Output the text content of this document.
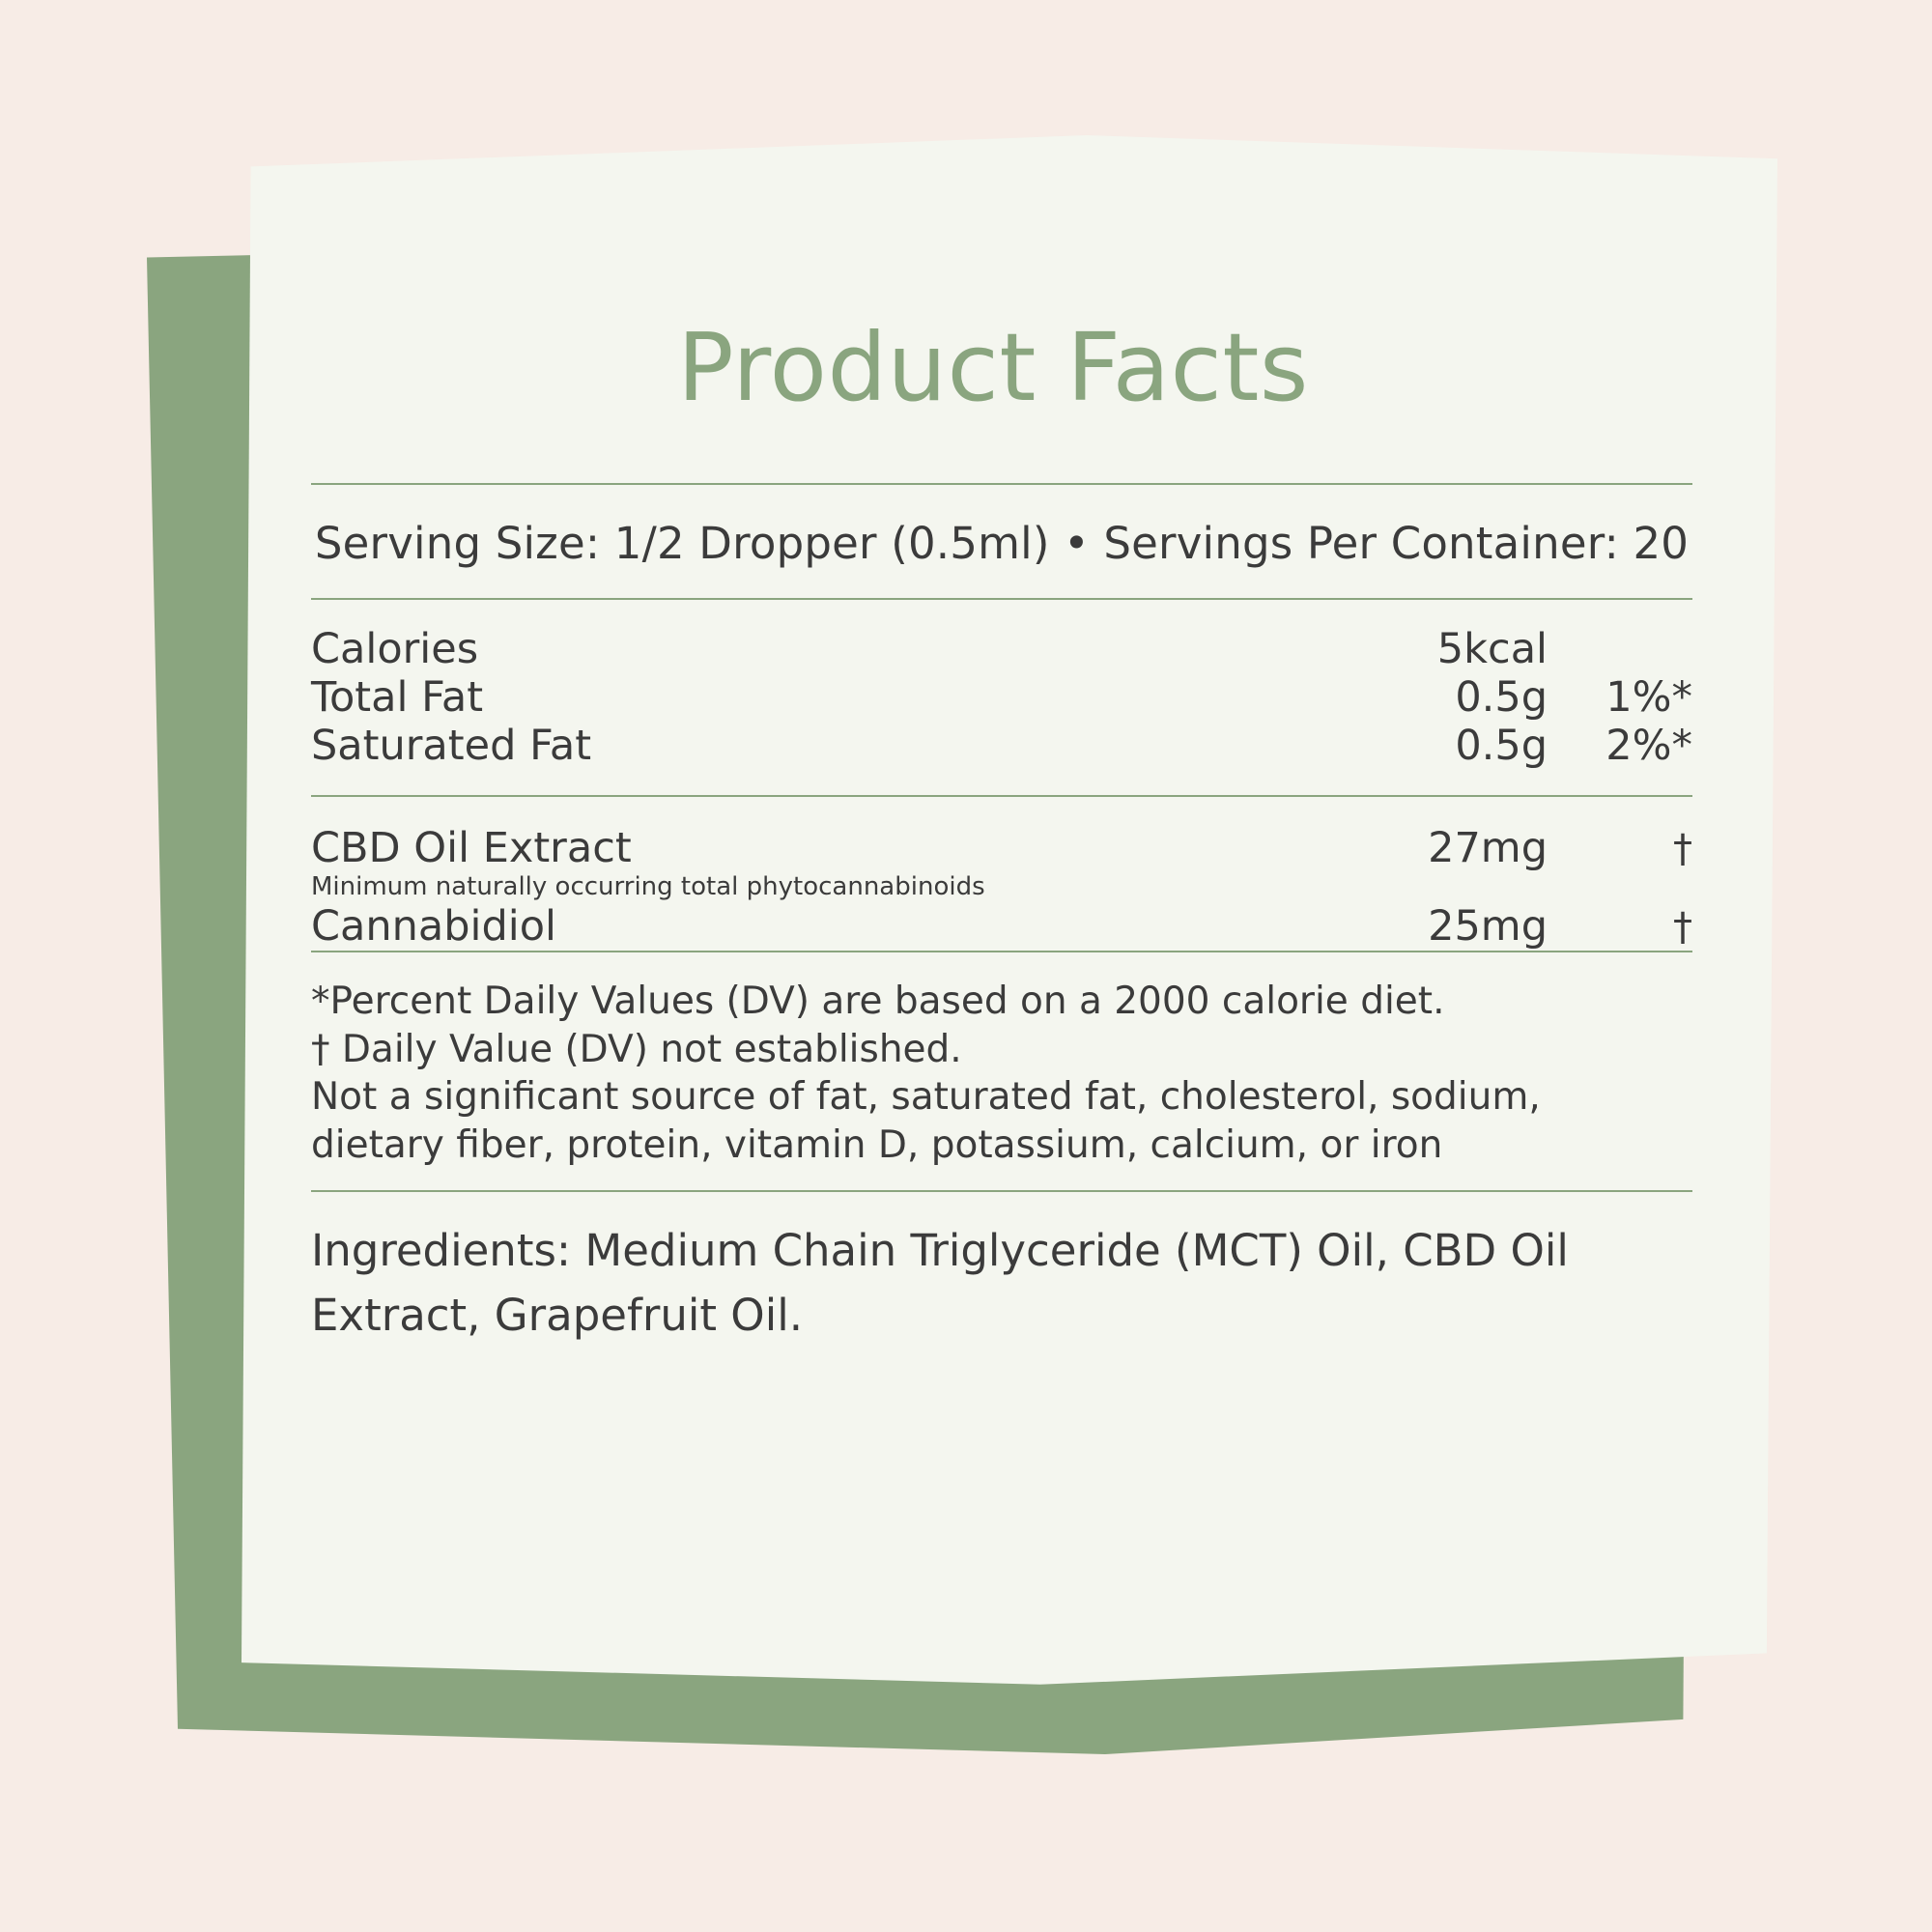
Product Facts
Serving Size: 1/2 Dropper (0.5ml) • Servings Per Container: 20
Calories	5kcal	
Total Fat	0.5g	1%*
Saturated Fat	0.5g	2%*
CBD Oil Extract	27mg	†
Minimum naturally occurring total phytocannabinoids		
Cannabidiol	25mg	†
*Percent Daily Values (DV) are based on a 2000 calorie diet.
† Daily Value (DV) not established.
Not a significant source of fat, saturated fat, cholesterol, sodium,
dietary fiber, protein, vitamin D, potassium, calcium, or iron
Ingredients: Medium Chain Triglyceride (MCT) Oil, CBD Oil Extract, Grapefruit Oil.
